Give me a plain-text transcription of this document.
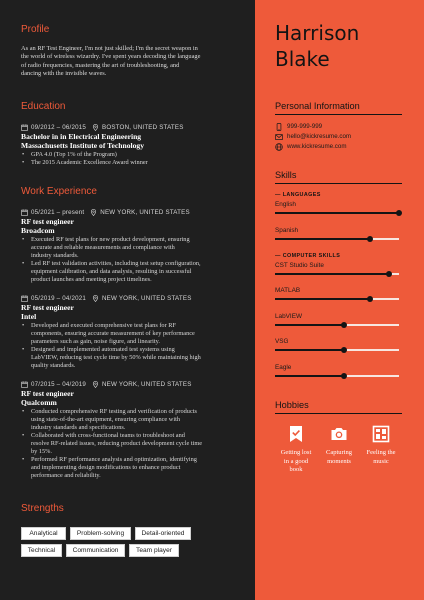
Profile
As an RF Test Engineer, I'm not just skilled; I'm the secret weapon in
the world of wireless wizardry. I've spent years decoding the language
of radio frequencies, mastering the art of troubleshooting, and
dancing with the invisible waves.
Education
09/2012 – 06/2015	BOSTON, UNITED STATES
Bachelor in in Electrical Engineering
Massachusetts Institute of Technology
• GPA 4.0 (Top 1% of the Program)
• The 2015 Academic Excellence Award winner
Work Experience
05/2021 – present	NEW YORK, UNITED STATES
RF test engineer
Broadcom
• Executed RF test plans for new product development, ensuring
accurate and reliable measurements and compliance with
industry standards.
• Led RF test validation activities, including test setup configuration,
equipment calibration, and data analysis, resulting in successful
product launches and meeting project timelines.
05/2019 – 04/2021	NEW YORK, UNITED STATES
RF test engineer
Intel
• Developed and executed comprehensive test plans for RF
components, ensuring accurate measurement of key performance
parameters such as gain, noise figure, and linearity.
• Designed and implemented automated test systems using
LabVIEW, reducing test cycle time by 50% while maintaining high
quality standards.
07/2015 – 04/2019	NEW YORK, UNITED STATES
RF test engineer
Qualcomm
• Conducted comprehensive RF testing and verification of products
using state-of-the-art equipment, ensuring compliance with
industry standards and specifications.
• Collaborated with cross-functional teams to troubleshoot and
resolve RF-related issues, reducing product development cycle time
by 15%.
• Performed RF performance analysis and optimization, identifying
and implementing design modifications to enhance product
performance and reliability.
Strengths
Analytical	Problem-solving	Detail-oriented
Technical	Communication	Team player
Harrison
Blake
Personal Information
999-999-999
hello@kickresume.com
www.kickresume.com
Skills
— LANGUAGES
English
Spanish
— COMPUTER SKILLS
CST Studio Suite
MATLAB
LabVIEW
VSG
Eagle
Hobbies
Getting lost
in a good
book
Capturing
moments
Feeling the
music
